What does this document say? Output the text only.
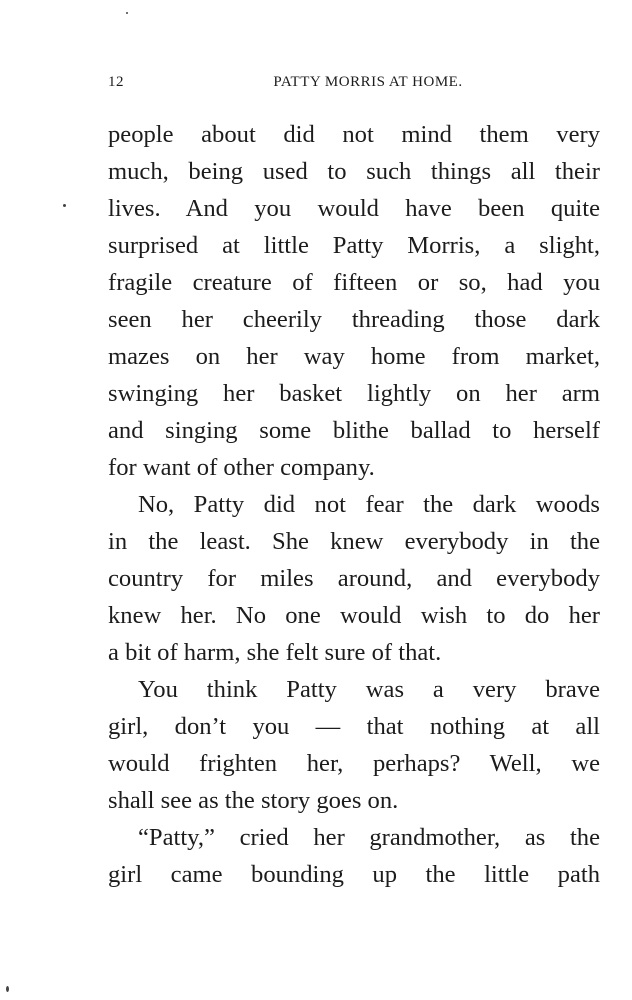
12	PATTY MORRIS AT HOME.
people about did not mind them very
much, being used to such things all their
lives. And you would have been quite
surprised at little Patty Morris, a slight,
fragile creature of fifteen or so, had you
seen her cheerily threading those dark
mazes on her way home from market,
swinging her basket lightly on her arm
and singing some blithe ballad to herself
for want of other company.
No, Patty did not fear the dark woods
in the least. She knew everybody in the
country for miles around, and everybody
knew her. No one would wish to do her
a bit of harm, she felt sure of that.
You think Patty was a very brave
girl, don’t you — that nothing at all
would frighten her, perhaps? Well, we
shall see as the story goes on.
“Patty,” cried her grandmother, as the
girl came bounding up the little path
